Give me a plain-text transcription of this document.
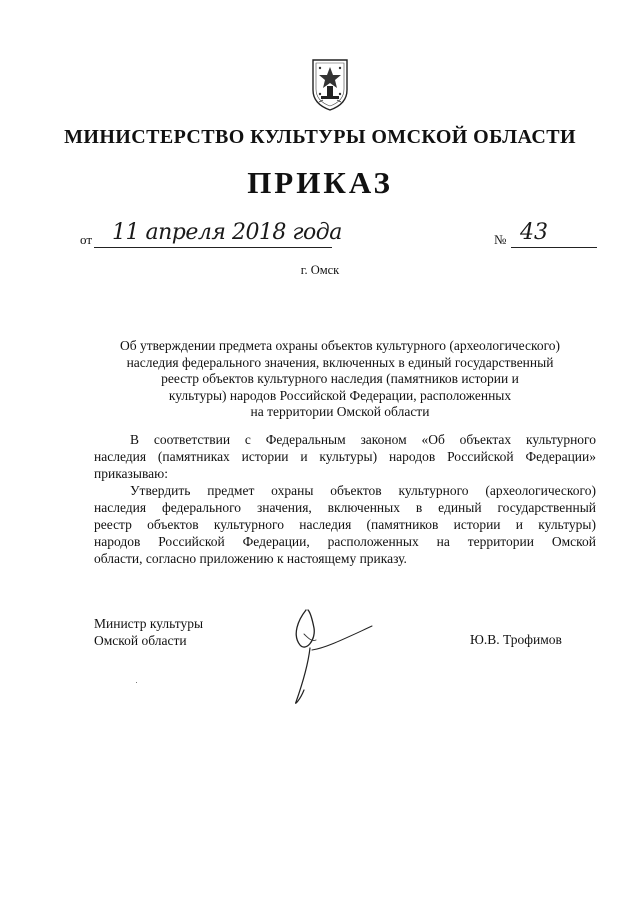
МИНИСТЕРСТВО КУЛЬТУРЫ ОМСКОЙ ОБЛАСТИ
ПРИКАЗ
от 11 апреля 2018 года	№ 43
г. Омск
Об утверждении предмета охраны объектов культурного (археологического)
наследия федерального значения, включенных в единый государственный
реестр объектов культурного наследия (памятников истории и
культуры) народов Российской Федерации, расположенных
на территории Омской области
В соответствии с Федеральным законом «Об объектах культурного
наследия (памятниках истории и культуры) народов Российской Федерации»
приказываю:
Утвердить предмет охраны объектов культурного (археологического)
наследия федерального значения, включенных в единый государственный
реестр объектов культурного наследия (памятников истории и культуры)
народов Российской Федерации, расположенных на территории Омской
области, согласно приложению к настоящему приказу.
Министр культуры
Омской области	Ю.В. Трофимов
